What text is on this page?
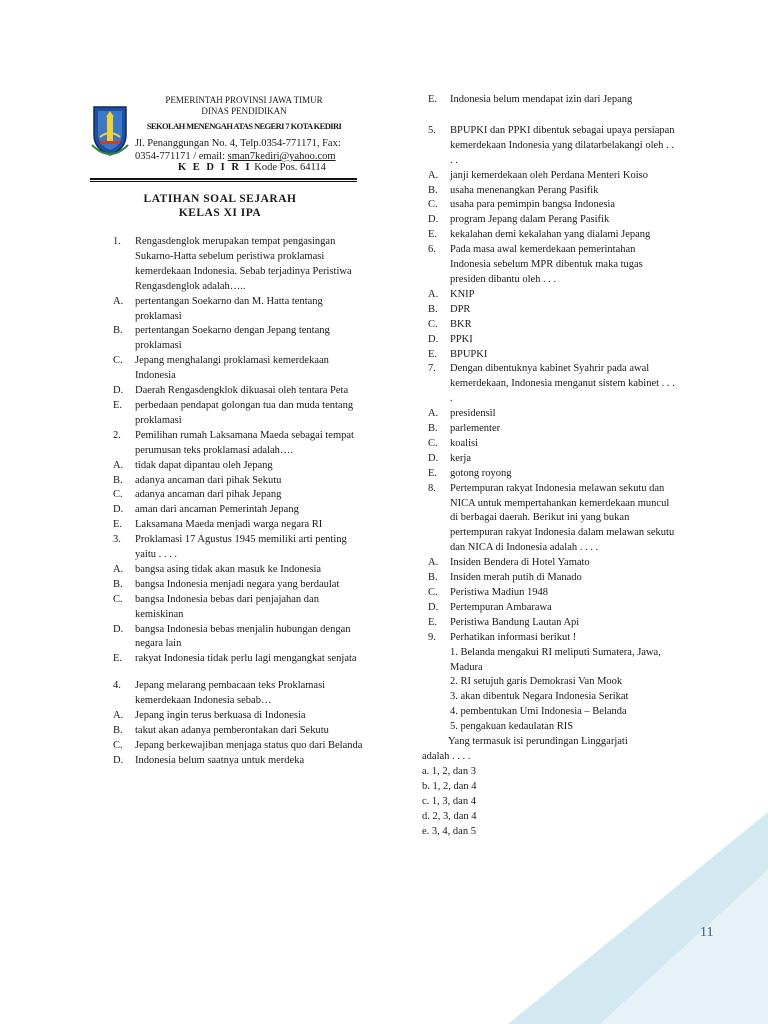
PEMERINTAH PROVINSI JAWA TIMUR
DINAS PENDIDIKAN
SEKOLAH MENENGAH ATAS NEGERI 7 KOTA KEDIRI
Jl. Penanggungan No. 4, Telp.0354-771171, Fax:
0354-771171 / email: sman7kediri@yahoo.com
K E D I R I Kode Pos. 64114
LATIHAN SOAL SEJARAH
KELAS XI IPA

1. Rengasdenglok merupakan tempat pengasingan Sukarno-Hatta sebelum peristiwa proklamasi kemerdekaan Indonesia. Sebab terjadinya Peristiwa Rengasdenglok adalah…..

A. pertentangan Soekarno dan M. Hatta tentang proklamasi

B. pertentangan Soekarno dengan Jepang tentang proklamasi

C. Jepang menghalangi proklamasi kemerdekaan Indonesia

D. Daerah Rengasdengklok dikuasai oleh tentara Peta

E. perbedaan pendapat golongan tua dan muda tentang proklamasi

2. Pemilihan rumah Laksamana Maeda sebagai tempat perumusan teks proklamasi adalah….

A. tidak dapat dipantau oleh Jepang

B. adanya ancaman dari pihak Sekutu

C. adanya ancaman dari pihak Jepang

D. aman dari ancaman Pemerintah Jepang

E. Laksamana Maeda menjadi warga negara RI

3. Proklamasi 17 Agustus 1945 memiliki arti penting yaitu . . . .

A. bangsa asing tidak akan masuk ke Indonesia

B. bangsa Indonesia menjadi negara yang berdaulat

C. bangsa Indonesia bebas dari penjajahan dan kemiskinan

D. bangsa Indonesia bebas menjalin hubungan dengan negara lain

E. rakyat Indonesia tidak perlu lagi mengangkat senjata

4. Jepang melarang pembacaan teks Proklamasi kemerdekaan Indonesia sebab…

A. Jepang ingin terus berkuasa di Indonesia

B. takut akan adanya pemberontakan dari Sekutu

C. Jepang berkewajiban menjaga status quo dari Belanda

D. Indonesia belum saatnya untuk merdeka

E. Indonesia belum mendapat izin dari Jepang

5. BPUPKI dan PPKI dibentuk sebagai upaya persiapan kemerdekaan Indonesia yang dilatarbelakangi oleh . . . .

A. janji kemerdekaan oleh Perdana Menteri Koiso

B. usaha menenangkan Perang Pasifik

C. usaha para pemimpin bangsa Indonesia

D. program Jepang dalam Perang Pasifik

E. kekalahan demi kekalahan yang dialami Jepang

6. Pada masa awal kemerdekaan pemerintahan Indonesia sebelum MPR dibentuk maka tugas presiden dibantu oleh . . .

A. KNIP

B. DPR

C. BKR

D. PPKI

E. BPUPKI

7. Dengan dibentuknya kabinet Syahrir pada awal kemerdekaan, Indonesia menganut sistem kabinet . . . .

A. presidensil

B. parlementer

C. koalisi

D. kerja

E. gotong royong

8. Pertempuran rakyat Indonesia melawan sekutu dan NICA untuk mempertahankan kemerdekaan muncul di berbagai daerah. Berikut ini yang bukan pertempuran rakyat Indonesia dalam melawan sekutu dan NICA di Indonesia adalah . . . .

A. Insiden Bendera di Hotel Yamato

B. Insiden merah putih di Manado

C. Peristiwa Madiun 1948

D. Pertempuran Ambarawa

E. Peristiwa Bandung Lautan Api

9. Perhatikan informasi berikut !

1. Belanda mengakui RI meliputi Sumatera, Jawa, Madura

2. RI setujuh garis Demokrasi Van Mook

3. akan dibentuk Negara Indonesia Serikat

4. pembentukan Umi Indonesia – Belanda

5. pengakuan kedaulatan RIS

Yang termasuk isi perundingan Linggarjati

adalah . . . .

a. 1, 2, dan 3

b. 1, 2, dan 4

c. 1, 3, dan 4

d. 2, 3, dan 4

e. 3, 4, dan 5

11
